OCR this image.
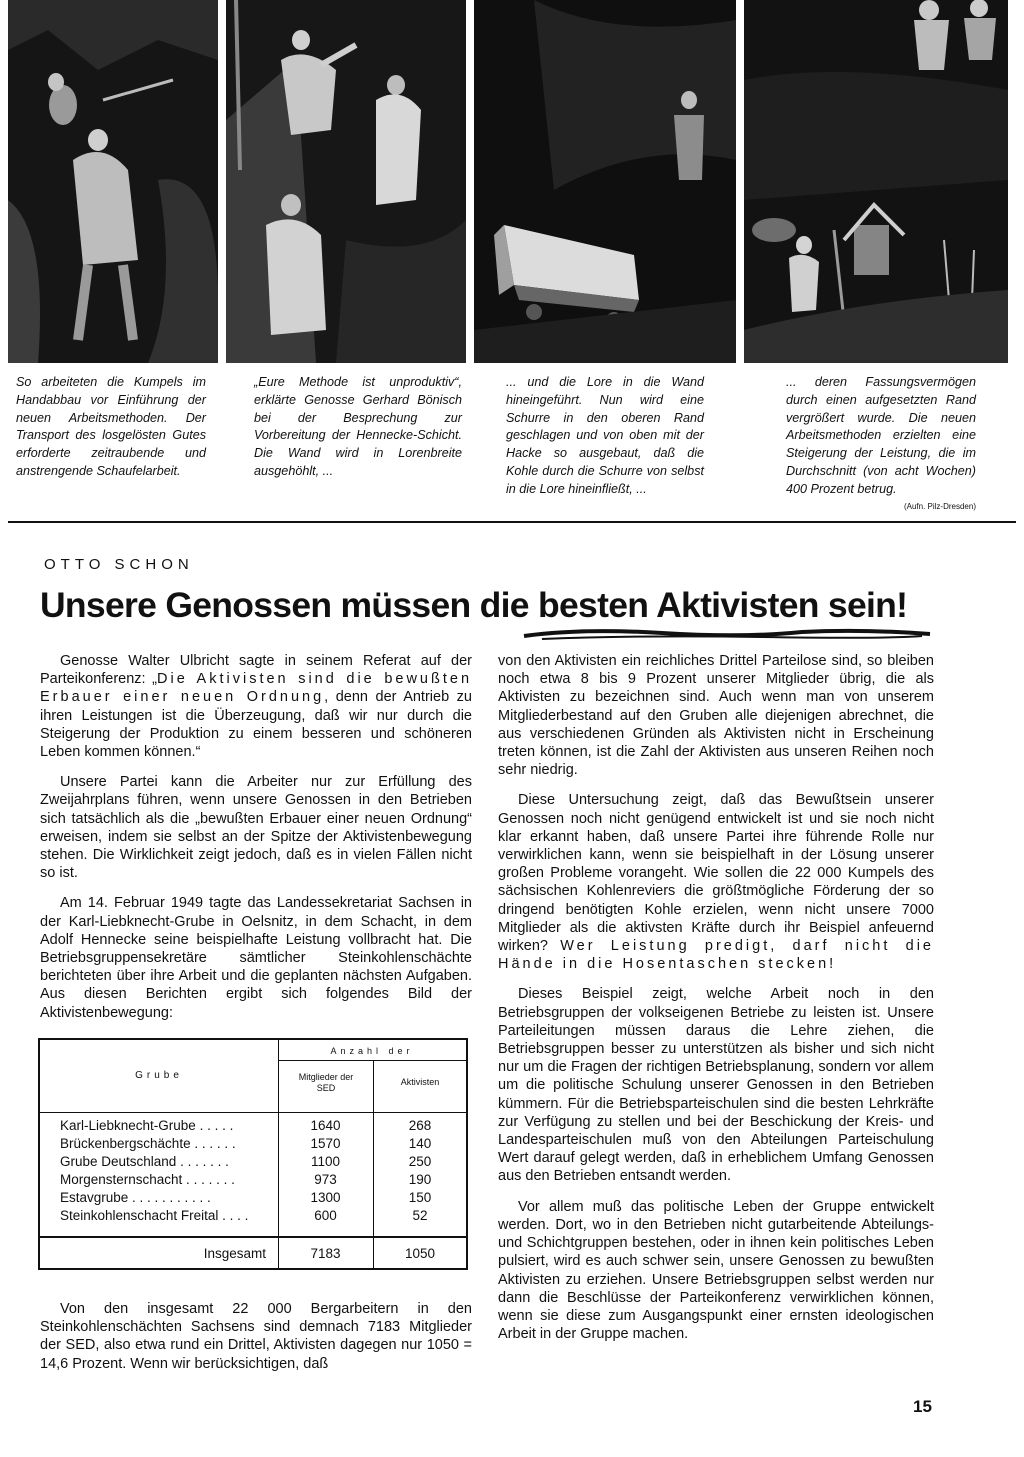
So arbeiteten die Kumpels im Handabbau vor Einführung der neuen Arbeitsmethoden. Der Transport des losgelösten Gutes erforderte zeitraubende und anstrengende Schaufelarbeit.
„Eure Methode ist unproduktiv“, erklärte Genosse Gerhard Bönisch bei der Besprechung zur Vorbereitung der Hennecke-Schicht. Die Wand wird in Lorenbreite ausgehöhlt, ...
... und die Lore in die Wand hineingeführt. Nun wird eine Schurre in den oberen Rand geschlagen und von oben mit der Hacke so ausgebaut, daß die Kohle durch die Schurre von selbst in die Lore hineinfließt, ...
... deren Fassungsvermögen durch einen aufgesetzten Rand vergrößert wurde. Die neuen Arbeitsmethoden erzielten eine Steigerung der Leistung, die im Durchschnitt (von acht Wochen) 400 Prozent betrug.
(Aufn. Pilz-Dresden)
OTTO SCHON
Unsere Genossen müssen die besten Aktivisten sein!

Genosse Walter Ulbricht sagte in seinem Referat auf der Parteikonferenz: „Die Aktivisten sind die bewußten Erbauer einer neuen Ordnung, denn der Antrieb zu ihren Leistungen ist die Überzeugung, daß wir nur durch die Steigerung der Produktion zu einem besseren und schöneren Leben kommen können.“

Unsere Partei kann die Arbeiter nur zur Erfüllung des Zweijahrplans führen, wenn unsere Genossen in den Betrieben sich tatsächlich als die „bewußten Erbauer einer neuen Ordnung“ erweisen, indem sie selbst an der Spitze der Aktivistenbewegung stehen. Die Wirklichkeit zeigt jedoch, daß es in vielen Fällen nicht so ist.

Am 14. Februar 1949 tagte das Landessekretariat Sachsen in der Karl-Liebknecht-Grube in Oelsnitz, in dem Schacht, in dem Adolf Hennecke seine beispielhafte Leistung vollbracht hat. Die Betriebsgruppensekretäre sämtlicher Steinkohlenschächte berichteten über ihre Arbeit und die geplanten nächsten Aufgaben. Aus diesen Berichten ergibt sich folgendes Bild der Aktivistenbewegung:

Grube
Anzahl der
Mitglieder der SED
Aktivisten
Karl-Liebknecht-Grube . . . . .	1640	268
Brückenbergschächte . . . . . .	1570	140
Grube Deutschland . . . . . . .	1100	250
Morgensternschacht . . . . . . .	973	190
Estavgrube . . . . . . . . . . .	1300	150
Steinkohlenschacht Freital . . . .	600	52
Insgesamt	7183	1050

Von den insgesamt 22 000 Bergarbeitern in den Steinkohlenschächten Sachsens sind demnach 7183 Mitglieder der SED, also etwa rund ein Drittel, Aktivisten dagegen nur 1050 = 14,6 Prozent. Wenn wir berücksichtigen, daß

von den Aktivisten ein reichliches Drittel Parteilose sind, so bleiben noch etwa 8 bis 9 Prozent unserer Mitglieder übrig, die als Aktivisten zu bezeichnen sind. Auch wenn man von unserem Mitgliederbestand auf den Gruben alle diejenigen abrechnet, die aus verschiedenen Gründen als Aktivisten nicht in Erscheinung treten können, ist die Zahl der Aktivisten aus unseren Reihen noch sehr niedrig.

Diese Untersuchung zeigt, daß das Bewußtsein unserer Genossen noch nicht genügend entwickelt ist und sie noch nicht klar erkannt haben, daß unsere Partei ihre führende Rolle nur verwirklichen kann, wenn sie beispielhaft in der Lösung unserer großen Probleme vorangeht. Wie sollen die 22 000 Kumpels des sächsischen Kohlenreviers die größtmögliche Förderung der so dringend benötigten Kohle erzielen, wenn nicht unsere 7000 Mitglieder als die aktivsten Kräfte durch ihr Beispiel anfeuernd wirken? Wer Leistung predigt, darf nicht die Hände in die Hosentaschen stecken!

Dieses Beispiel zeigt, welche Arbeit noch in den Betriebsgruppen der volkseigenen Betriebe zu leisten ist. Unsere Parteileitungen müssen daraus die Lehre ziehen, die Betriebsgruppen besser zu unterstützen als bisher und sich nicht nur um die Fragen der richtigen Betriebsplanung, sondern vor allem um die politische Schulung unserer Genossen in den Betrieben kümmern. Für die Betriebsparteischulen sind die besten Lehrkräfte zur Verfügung zu stellen und bei der Beschickung der Kreis- und Landesparteischulen muß von den Abteilungen Parteischulung Wert darauf gelegt werden, daß in erheblichem Umfang Genossen aus den Betrieben entsandt werden.

Vor allem muß das politische Leben der Gruppe entwickelt werden. Dort, wo in den Betrieben nicht gutarbeitende Abteilungs- und Schichtgruppen bestehen, oder in ihnen kein politisches Leben pulsiert, wird es auch schwer sein, unsere Genossen zu bewußten Aktivisten zu erziehen. Unsere Betriebsgruppen selbst werden nur dann die Beschlüsse der Parteikonferenz verwirklichen können, wenn sie diese zum Ausgangspunkt einer ernsten ideologischen Arbeit in der Gruppe machen.

15
